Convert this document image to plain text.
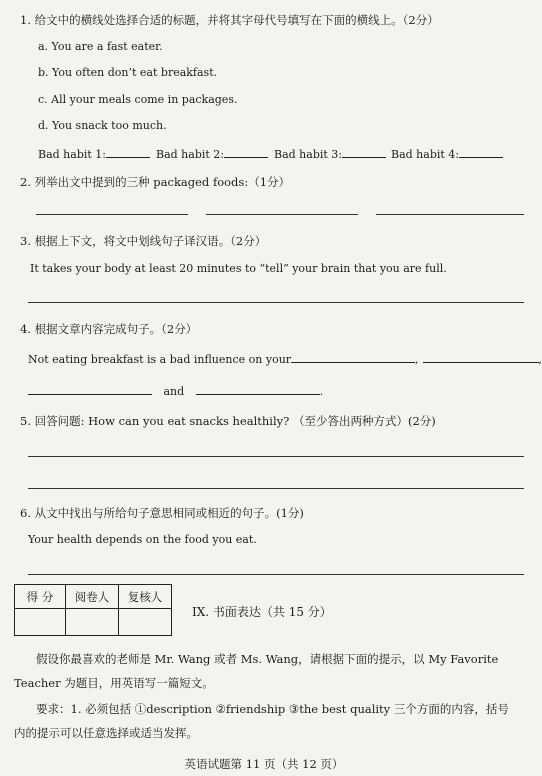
1. 给文中的横线处选择合适的标题，并将其字母代号填写在下面的横线上。（2分）
a. You are a fast eater.
b. You often don’t eat breakfast.
c. All your meals come in packages.
d. You snack too much.
Bad habit 1:	Bad habit 2:	Bad habit 3:	Bad habit 4:
2. 列举出文中提到的三种 packaged foods:（1分）
3. 根据上下文，将文中划线句子译汉语。（2分）
It takes your body at least 20 minutes to “tell” your brain that you are full.
4. 根据文章内容完成句子。（2分）
Not eating breakfast is a bad influence on your	,	,
and	.
5. 回答问题: How can you eat snacks healthily? （至少答出两种方式）(2分)
6. 从文中找出与所给句子意思相同或相近的句子。(1分)
Your health depends on the food you eat.
得 分	阅卷人	复核人

IX. 书面表达（共 15 分）
假设你最喜欢的老师是 Mr. Wang 或者 Ms. Wang，请根据下面的提示，以 My Favorite Teacher 为题目，用英语写一篇短文。
要求：1. 必须包括 ①description ②friendship ③the best quality 三个方面的内容，括号内的提示可以任意选择或适当发挥。
英语试题第 11 页（共 12 页）
